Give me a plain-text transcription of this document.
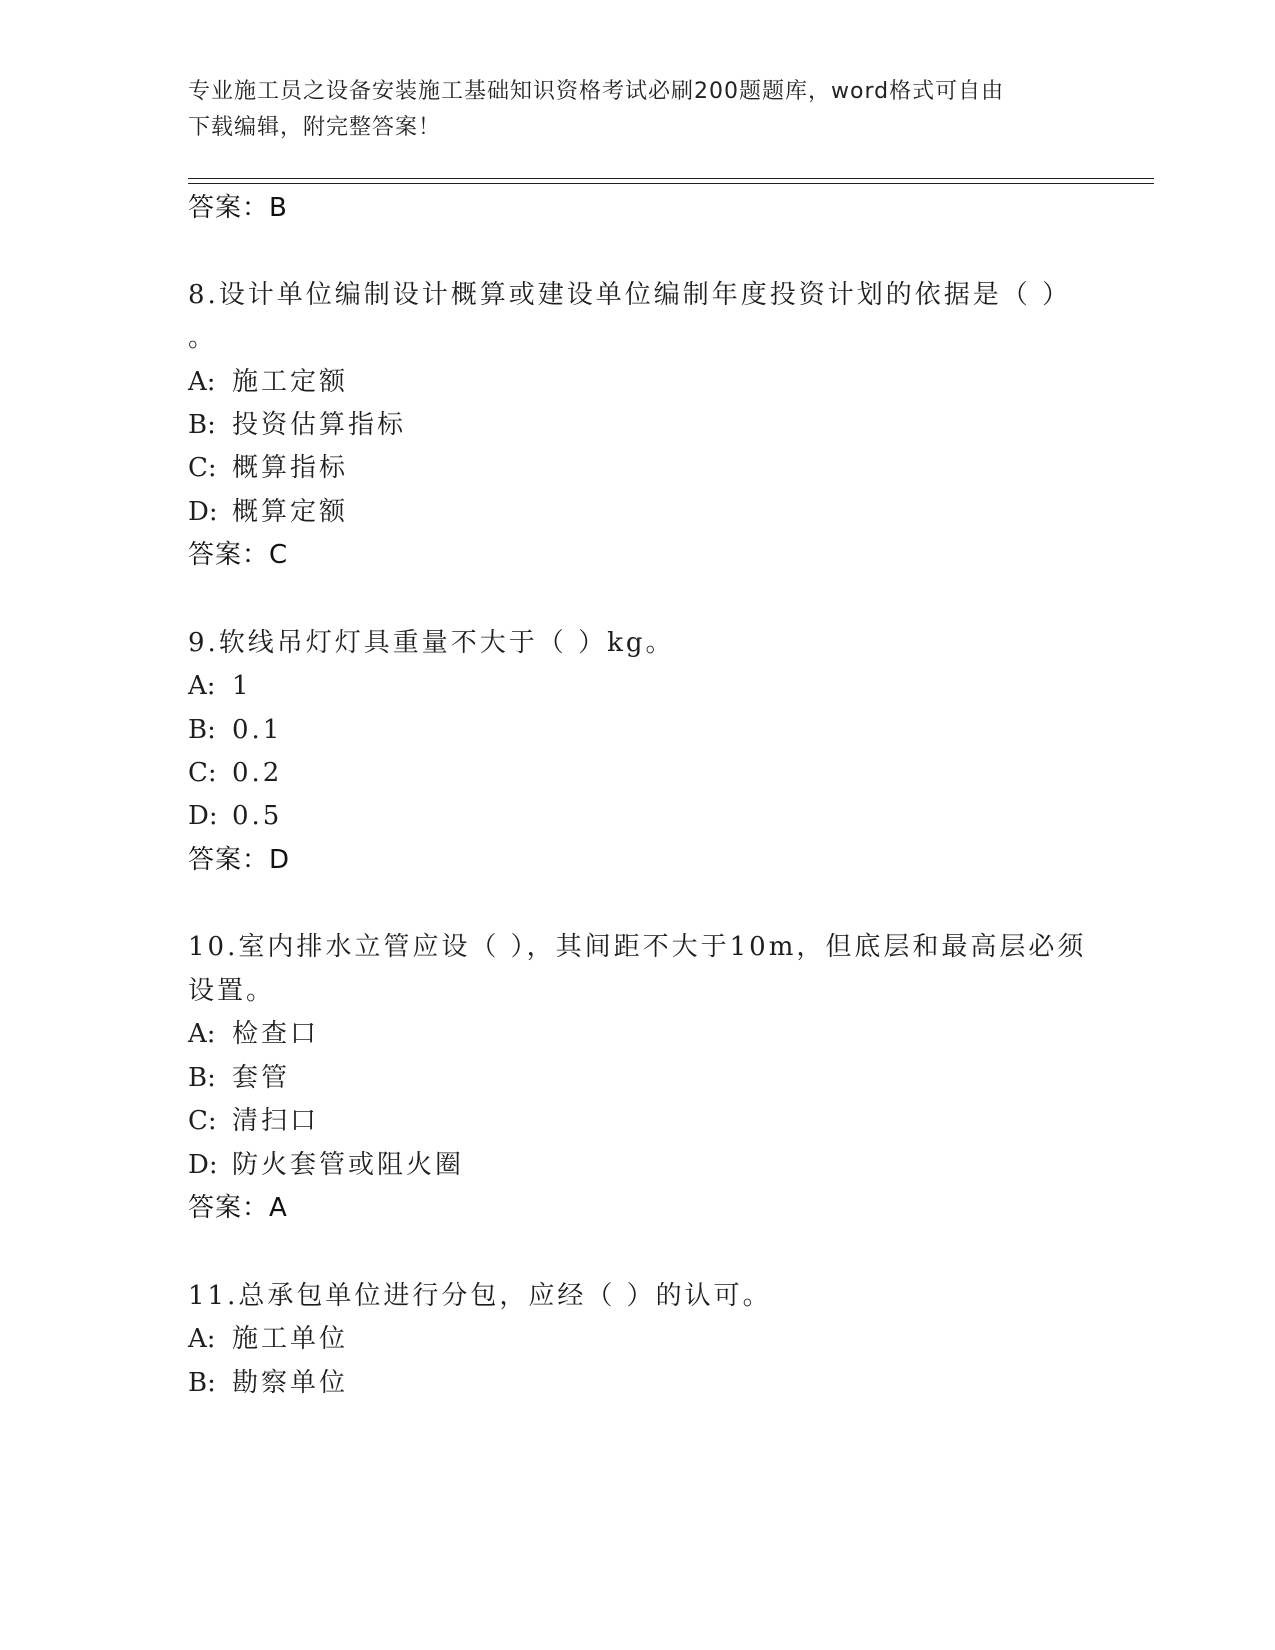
专业施工员之设备安装施工基础知识资格考试必刷200题题库，word格式可自由
下载编辑，附完整答案！
答案：B
8.设计单位编制设计概算或建设单位编制年度投资计划的依据是（ ）
。
A: 施工定额
B: 投资估算指标
C: 概算指标
D: 概算定额
答案：C
9.软线吊灯灯具重量不大于（ ）kg。
A: 1
B: 0.1
C: 0.2
D: 0.5
答案：D
10.室内排水立管应设（ ），其间距不大于10m，但底层和最高层必须
设置。
A: 检查口
B: 套管
C: 清扫口
D: 防火套管或阻火圈
答案：A
11.总承包单位进行分包，应经（ ）的认可。
A: 施工单位
B: 勘察单位
